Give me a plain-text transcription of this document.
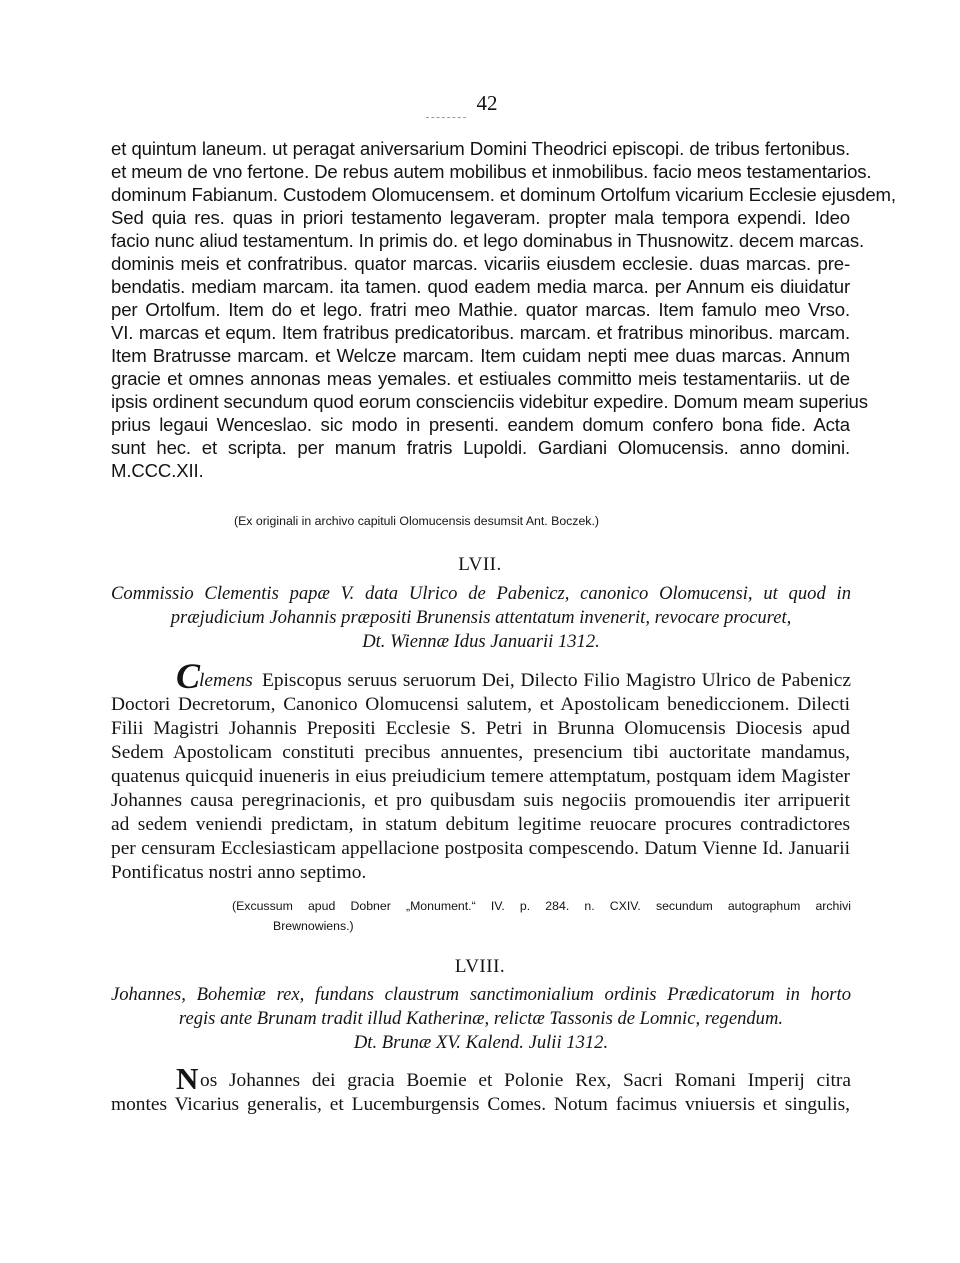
42
et quintum laneum. ut peragat aniversarium Domini Theodrici episcopi. de tribus fertonibus.
et meum de vno fertone. De rebus autem mobilibus et inmobilibus. facio meos testamentarios.
dominum Fabianum. Custodem Olomucensem. et dominum Ortolfum vicarium Ecclesie ejusdem,
Sed quia res. quas in priori testamento legaveram. propter mala tempora expendi. Ideo
facio nunc aliud testamentum. In primis do. et lego dominabus in Thusnowitz. decem marcas.
dominis meis et confratribus. quator marcas. vicariis eiusdem ecclesie. duas marcas. pre-
bendatis. mediam marcam. ita tamen. quod eadem media marca. per Annum eis diuidatur
per Ortolfum. Item do et lego. fratri meo Mathie. quator marcas. Item famulo meo Vrso.
VI. marcas et equm. Item fratribus predicatoribus. marcam. et fratribus minoribus. marcam.
Item Bratrusse marcam. et Welcze marcam. Item cuidam nepti mee duas marcas. Annum
gracie et omnes annonas meas yemales. et estiuales committo meis testamentariis. ut de
ipsis ordinent secundum quod eorum conscienciis videbitur expedire. Domum meam superius
prius legaui Wenceslao. sic modo in presenti. eandem domum confero bona fide. Acta
sunt hec. et scripta. per manum fratris Lupoldi. Gardiani Olomucensis. anno domini.
M.CCC.XII.
(Ex originali in archivo capituli Olomucensis desumsit Ant. Boczek.)
LVII.
Commissio Clementis papæ V. data Ulrico de Pabenicz, canonico Olomucensi, ut quod in
præjudicium Johannis præpositi Brunensis attentatum invenerit, revocare procuret,
Dt. Wiennæ Idus Januarii 1312.
C
lemens Episcopus seruus seruorum Dei, Dilecto Filio Magistro Ulrico de Pabenicz
Doctori Decretorum, Canonico Olomucensi salutem, et Apostolicam benediccionem. Dilecti
Filii Magistri Johannis Prepositi Ecclesie S. Petri in Brunna Olomucensis Diocesis apud
Sedem Apostolicam constituti precibus annuentes, presencium tibi auctoritate mandamus,
quatenus quicquid inueneris in eius preiudicium temere attemptatum, postquam idem Magister
Johannes causa peregrinacionis, et pro quibusdam suis negociis promouendis iter arripuerit
ad sedem veniendi predictam, in statum debitum legitime reuocare procures contradictores
per censuram Ecclesiasticam appellacione postposita compescendo. Datum Vienne Id. Januarii
Pontificatus nostri anno septimo.
(Excussum apud Dobner „Monument.“ IV. p. 284. n. CXIV. secundum autographum archivi
Brewnowiens.)
LVIII.
Johannes, Bohemiæ rex, fundans claustrum sanctimonialium ordinis Prædicatorum in horto
regis ante Brunam tradit illud Katherinæ, relictæ Tassonis de Lomnic, regendum.
Dt. Brunæ XV. Kalend. Julii 1312.
N os Johannes dei gracia Boemie et Polonie Rex, Sacri Romani Imperij citra
montes Vicarius generalis, et Lucemburgensis Comes. Notum facimus vniuersis et singulis,
